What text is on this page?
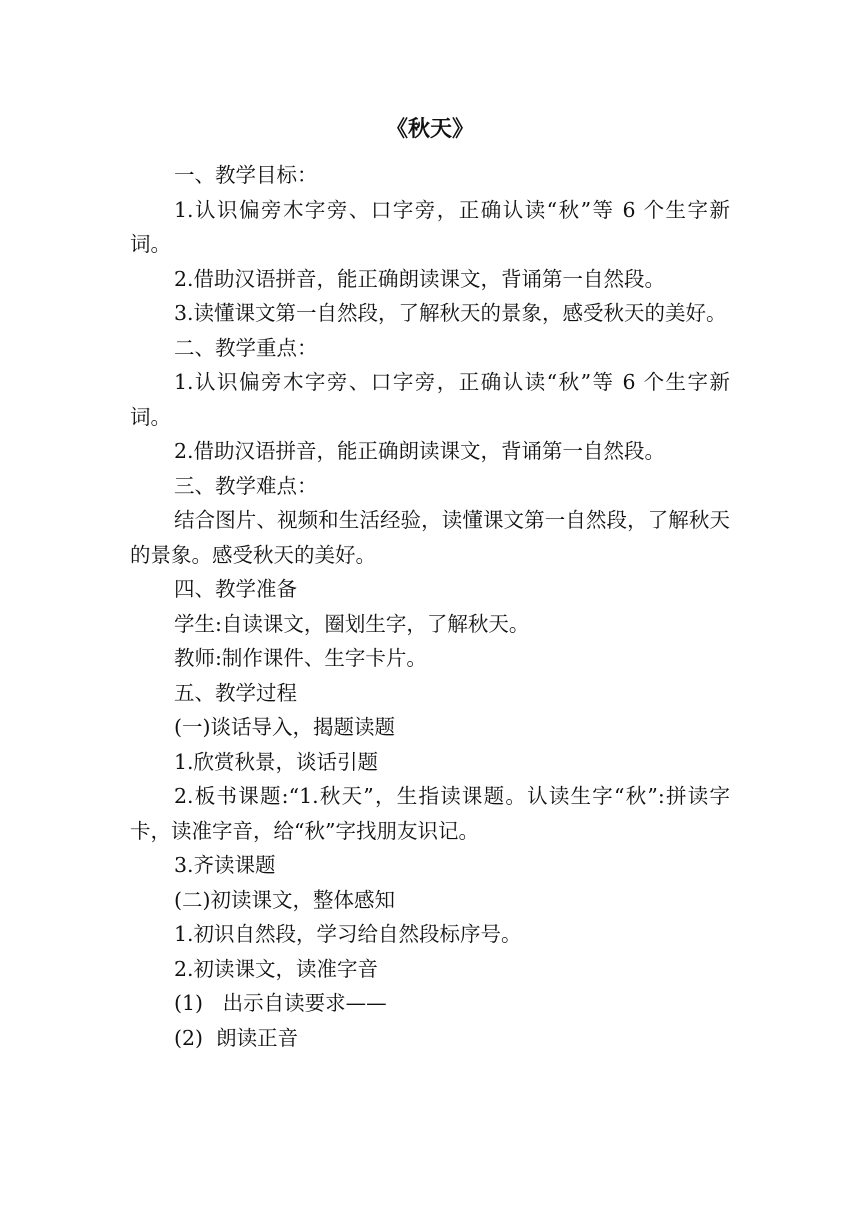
《秋天》

一、教学目标：

1.认识偏旁木字旁、口字旁，正确认读“秋”等 6 个生字新词。

2.借助汉语拼音，能正确朗读课文，背诵第一自然段。

3.读懂课文第一自然段，了解秋天的景象，感受秋天的美好。

二、教学重点：

1.认识偏旁木字旁、口字旁，正确认读“秋”等 6 个生字新词。

2.借助汉语拼音，能正确朗读课文，背诵第一自然段。

三、教学难点：

结合图片、视频和生活经验，读懂课文第一自然段，了解秋天的景象。感受秋天的美好。

四、教学准备

学生:自读课文，圈划生字，了解秋天。

教师:制作课件、生字卡片。

五、教学过程

(一)谈话导入，揭题读题

1.欣赏秋景，谈话引题

2.板书课题:“1.秋天”，生指读课题。认读生字“秋”:拼读字卡，读准字音，给“秋”字找朋友识记。

3.齐读课题

(二)初读课文，整体感知

1.初识自然段，学习给自然段标序号。

2.初读课文，读准字音

(1)   出示自读要求——

(2)  朗读正音
